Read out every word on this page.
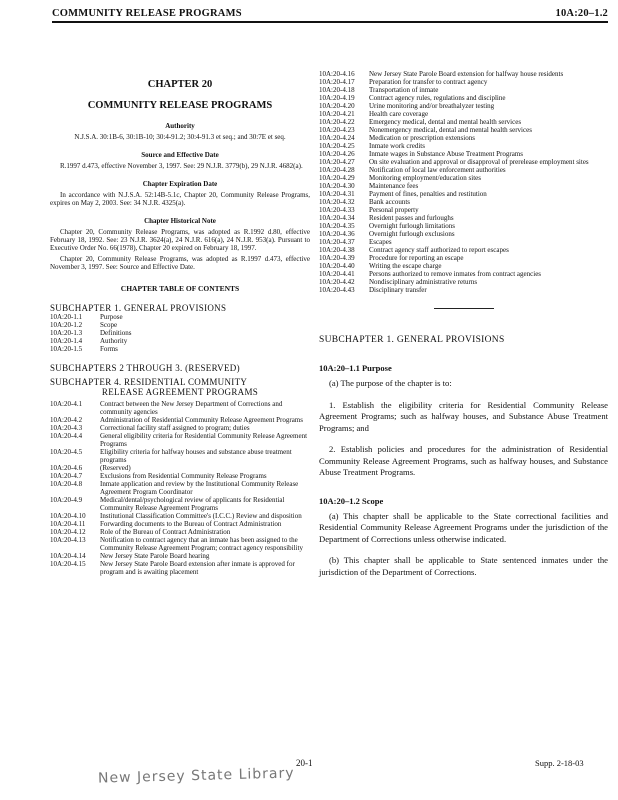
COMMUNITY RELEASE PROGRAMS	10A:20–1.2
CHAPTER 20
COMMUNITY RELEASE PROGRAMS
Authority
N.J.S.A. 30:1B-6, 30:1B-10; 30:4-91.2; 30:4-91.3 et seq.; and 30:7E et seq.
Source and Effective Date
R.1997 d.473, effective November 3, 1997. See: 29 N.J.R. 3779(b), 29 N.J.R. 4682(a).
Chapter Expiration Date
In accordance with N.J.S.A. 52:14B-5.1c, Chapter 20, Community Release Programs, expires on May 2, 2003. See: 34 N.J.R. 4325(a).
Chapter Historical Note
Chapter 20, Community Release Programs, was adopted as R.1992 d.80, effective February 18, 1992. See: 23 N.J.R. 3624(a), 24 N.J.R. 616(a), 24 N.J.R. 953(a). Pursuant to Executive Order No. 66(1978), Chapter 20 expired on February 18, 1997.
Chapter 20, Community Release Programs, was adopted as R.1997 d.473, effective November 3, 1997. See: Source and Effective Date.
CHAPTER TABLE OF CONTENTS
SUBCHAPTER 1. GENERAL PROVISIONS
10A:20-1.1	Purpose
10A:20-1.2	Scope
10A:20-1.3	Definitions
10A:20-1.4	Authority
10A:20-1.5	Forms
SUBCHAPTERS 2 THROUGH 3. (RESERVED)
SUBCHAPTER 4. RESIDENTIAL COMMUNITY
RELEASE AGREEMENT PROGRAMS
10A:20-4.1	Contract between the New Jersey Department of Corrections and community agencies
10A:20-4.2	Administration of Residential Community Release Agreement Programs
10A:20-4.3	Correctional facility staff assigned to program; duties
10A:20-4.4	General eligibility criteria for Residential Community Release Agreement Programs
10A:20-4.5	Eligibility criteria for halfway houses and substance abuse treatment programs
10A:20-4.6	(Reserved)
10A:20-4.7	Exclusions from Residential Community Release Programs
10A:20-4.8	Inmate application and review by the Institutional Community Release Agreement Program Coordinator
10A:20-4.9	Medical/dental/psychological review of applicants for Residential Community Release Agreement Programs
10A:20-4.10	Institutional Classification Committee's (I.C.C.) Review and disposition
10A:20-4.11	Forwarding documents to the Bureau of Contract Administration
10A:20-4.12	Role of the Bureau of Contract Administration
10A:20-4.13	Notification to contract agency that an inmate has been assigned to the Community Release Agreement Program; contract agency responsibility
10A:20-4.14	New Jersey State Parole Board hearing
10A:20-4.15	New Jersey State Parole Board extension after inmate is approved for program and is awaiting placement
10A:20-4.16	New Jersey State Parole Board extension for halfway house residents
10A:20-4.17	Preparation for transfer to contract agency
10A:20-4.18	Transportation of inmate
10A:20-4.19	Contract agency rules, regulations and discipline
10A:20-4.20	Urine monitoring and/or breathalyzer testing
10A:20-4.21	Health care coverage
10A:20-4.22	Emergency medical, dental and mental health services
10A:20-4.23	Nonemergency medical, dental and mental health services
10A:20-4.24	Medication or prescription extensions
10A:20-4.25	Inmate work credits
10A:20-4.26	Inmate wages in Substance Abuse Treatment Programs
10A:20-4.27	On site evaluation and approval or disapproval of prerelease employment sites
10A:20-4.28	Notification of local law enforcement authorities
10A:20-4.29	Monitoring employment/education sites
10A:20-4.30	Maintenance fees
10A:20-4.31	Payment of fines, penalties and restitution
10A:20-4.32	Bank accounts
10A:20-4.33	Personal property
10A:20-4.34	Resident passes and furloughs
10A:20-4.35	Overnight furlough limitations
10A:20-4.36	Overnight furlough exclusions
10A:20-4.37	Escapes
10A:20-4.38	Contract agency staff authorized to report escapes
10A:20-4.39	Procedure for reporting an escape
10A:20-4.40	Writing the escape charge
10A:20-4.41	Persons authorized to remove inmates from contract agencies
10A:20-4.42	Nondisciplinary administrative returns
10A:20-4.43	Disciplinary transfer
SUBCHAPTER 1. GENERAL PROVISIONS
10A:20–1.1 Purpose
(a) The purpose of the chapter is to:
1. Establish the eligibility criteria for Residential Community Release Agreement Programs; such as halfway houses, and Substance Abuse Treatment Programs; and
2. Establish policies and procedures for the administration of Residential Community Release Agreement Programs, such as halfway houses, and Substance Abuse Treatment Programs.
10A:20–1.2 Scope
(a) This chapter shall be applicable to the State correctional facilities and Residential Community Release Agreement Programs under the jurisdiction of the Department of Corrections unless otherwise indicated.
(b) This chapter shall be applicable to State sentenced inmates under the jurisdiction of the Department of Corrections.
20-1	Supp. 2-18-03
New Jersey State Library
